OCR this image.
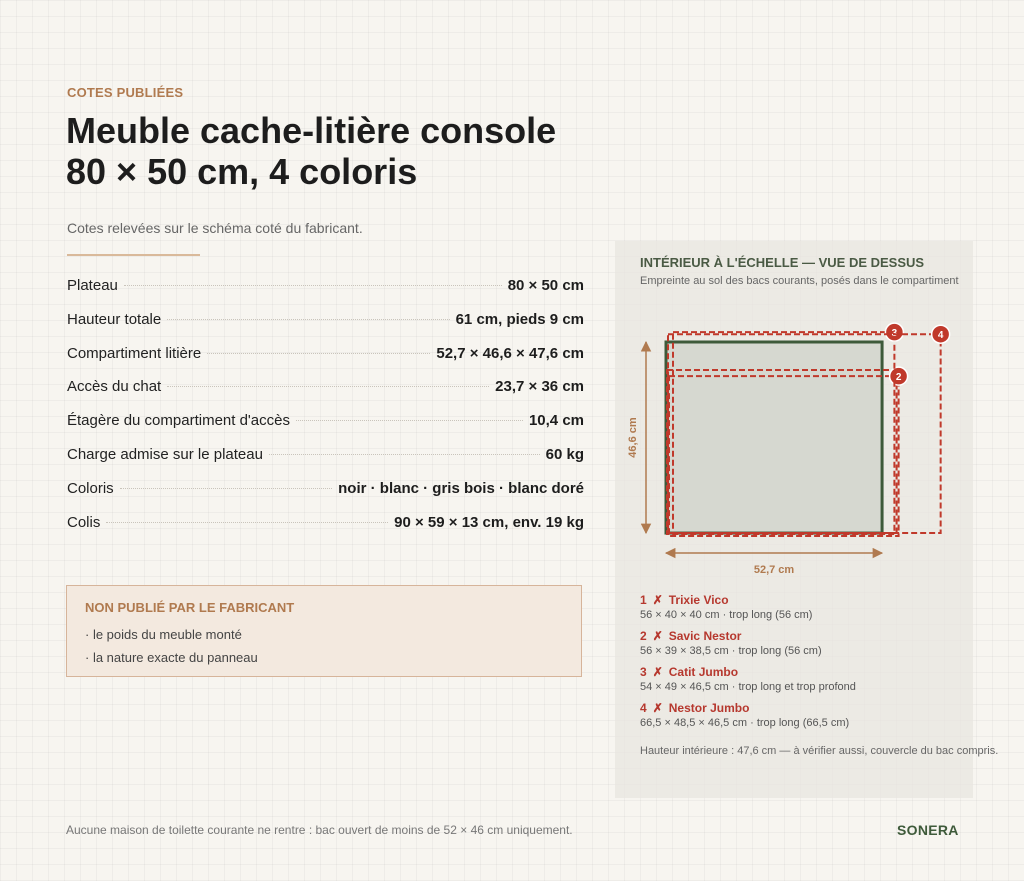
COTES PUBLIÉES
Meuble cache-litière console
80 × 50 cm, 4 coloris
Cotes relevées sur le schéma coté du fabricant.
Plateau	80 × 50 cm
Hauteur totale	61 cm, pieds 9 cm
Compartiment litière	52,7 × 46,6 × 47,6 cm
Accès du chat	23,7 × 36 cm
Étagère du compartiment d'accès	10,4 cm
Charge admise sur le plateau	60 kg
Coloris	noir · blanc · gris bois · blanc doré
Colis	90 × 59 × 13 cm, env. 19 kg
NON PUBLIÉ PAR LE FABRICANT
· le poids du meuble monté
· la nature exacte du panneau
INTÉRIEUR À L'ÉCHELLE — VUE DE DESSUS
Empreinte au sol des bacs courants, posés dans le compartiment
2
3	4
52,7 cm
46,6 cm
1 ✗ Trixie Vico
56 × 40 × 40 cm · trop long (56 cm)
2 ✗ Savic Nestor
56 × 39 × 38,5 cm · trop long (56 cm)
3 ✗ Catit Jumbo
54 × 49 × 46,5 cm · trop long et trop profond
4 ✗ Nestor Jumbo
66,5 × 48,5 × 46,5 cm · trop long (66,5 cm)
Hauteur intérieure : 47,6 cm — à vérifier aussi, couvercle du bac compris.
Aucune maison de toilette courante ne rentre : bac ouvert de moins de 52 × 46 cm uniquement.	SONERA
